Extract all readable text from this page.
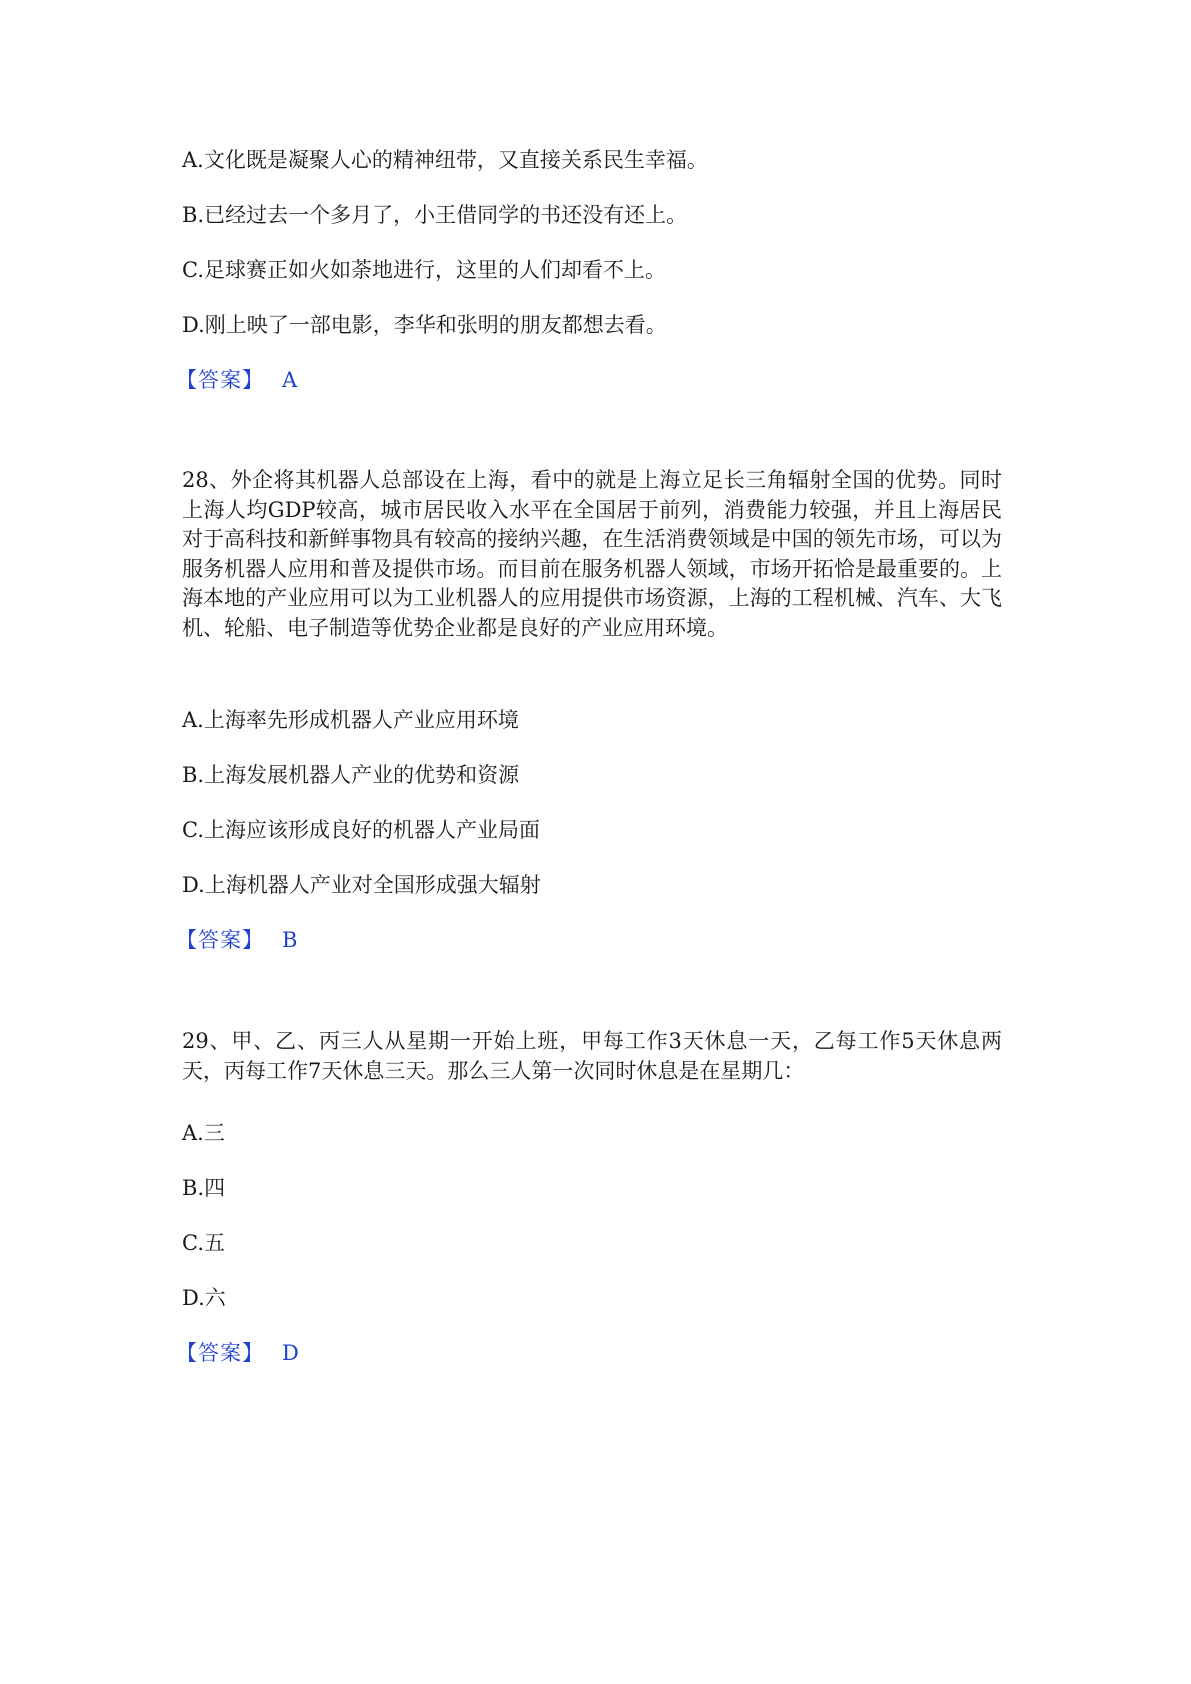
A.文化既是凝聚人心的精神纽带，又直接关系民生幸福。
B.已经过去一个多月了，小王借同学的书还没有还上。
C.足球赛正如火如荼地进行，这里的人们却看不上。
D.刚上映了一部电影，李华和张明的朋友都想去看。
【答案】 A
28、外企将其机器人总部设在上海，看中的就是上海立足长三角辐射全国的优势。同时上海人均GDP较高，城市居民收入水平在全国居于前列，消费能力较强，并且上海居民对于高科技和新鲜事物具有较高的接纳兴趣，在生活消费领域是中国的领先市场，可以为服务机器人应用和普及提供市场。而目前在服务机器人领域，市场开拓恰是最重要的。上海本地的产业应用可以为工业机器人的应用提供市场资源，上海的工程机械、汽车、大飞机、轮船、电子制造等优势企业都是良好的产业应用环境。
A.上海率先形成机器人产业应用环境
B.上海发展机器人产业的优势和资源
C.上海应该形成良好的机器人产业局面
D.上海机器人产业对全国形成强大辐射
【答案】 B
29、甲、乙、丙三人从星期一开始上班，甲每工作3天休息一天，乙每工作5天休息两天，丙每工作7天休息三天。那么三人第一次同时休息是在星期几：
A.三
B.四
C.五
D.六
【答案】 D
